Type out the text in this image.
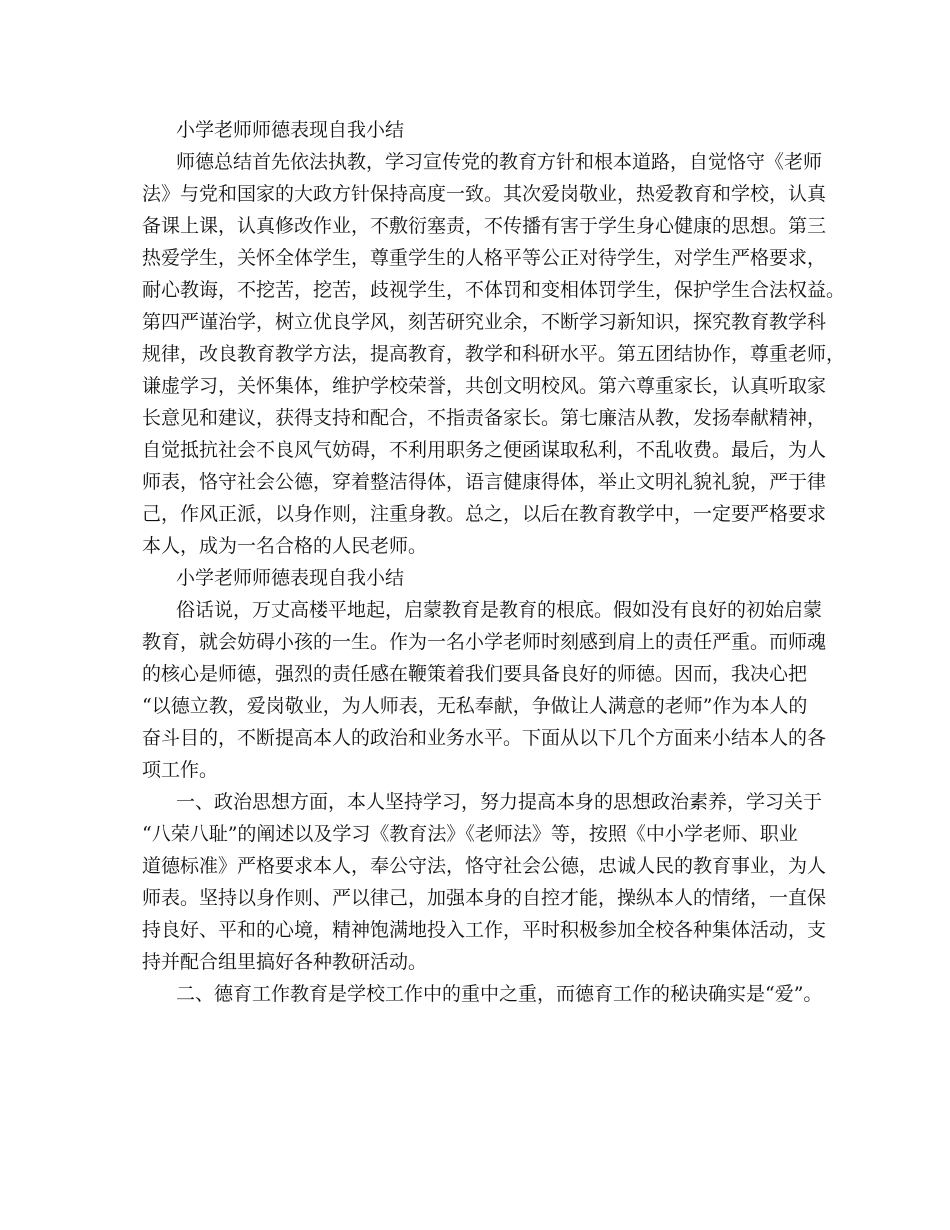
小学老师师德表现自我小结
师德总结首先依法执教，学习宣传党的教育方针和根本道路，自觉恪守《老师
法》与党和国家的大政方针保持高度一致。其次爱岗敬业，热爱教育和学校，认真
备课上课，认真修改作业，不敷衍塞责，不传播有害于学生身心健康的思想。第三
热爱学生，关怀全体学生，尊重学生的人格平等公正对待学生，对学生严格要求，
耐心教诲，不挖苦，挖苦，歧视学生，不体罚和变相体罚学生，保护学生合法权益。
第四严谨治学，树立优良学风，刻苦研究业余，不断学习新知识，探究教育教学科
规律，改良教育教学方法，提高教育，教学和科研水平。第五团结协作，尊重老师，
谦虚学习，关怀集体，维护学校荣誉，共创文明校风。第六尊重家长，认真听取家
长意见和建议，获得支持和配合，不指责备家长。第七廉洁从教，发扬奉献精神，
自觉抵抗社会不良风气妨碍，不利用职务之便函谋取私利，不乱收费。最后，为人
师表，恪守社会公德，穿着整洁得体，语言健康得体，举止文明礼貌礼貌，严于律
己，作风正派，以身作则，注重身教。总之，以后在教育教学中，一定要严格要求
本人，成为一名合格的人民老师。
小学老师师德表现自我小结
俗话说，万丈高楼平地起，启蒙教育是教育的根底。假如没有良好的初始启蒙
教育，就会妨碍小孩的一生。作为一名小学老师时刻感到肩上的责任严重。而师魂
的核心是师德，强烈的责任感在鞭策着我们要具备良好的师德。因而，我决心把
“以德立教，爱岗敬业，为人师表，无私奉献，争做让人满意的老师”作为本人的
奋斗目的，不断提高本人的政治和业务水平。下面从以下几个方面来小结本人的各
项工作。
一、政治思想方面，本人坚持学习，努力提高本身的思想政治素养，学习关于
“八荣八耻”的阐述以及学习《教育法》《老师法》等，按照《中小学老师、职业
道德标准》严格要求本人，奉公守法，恪守社会公德，忠诚人民的教育事业，为人
师表。坚持以身作则、严以律己，加强本身的自控才能，操纵本人的情绪，一直保
持良好、平和的心境，精神饱满地投入工作，平时积极参加全校各种集体活动，支
持并配合组里搞好各种教研活动。
二、德育工作教育是学校工作中的重中之重，而德育工作的秘诀确实是“爱”。
